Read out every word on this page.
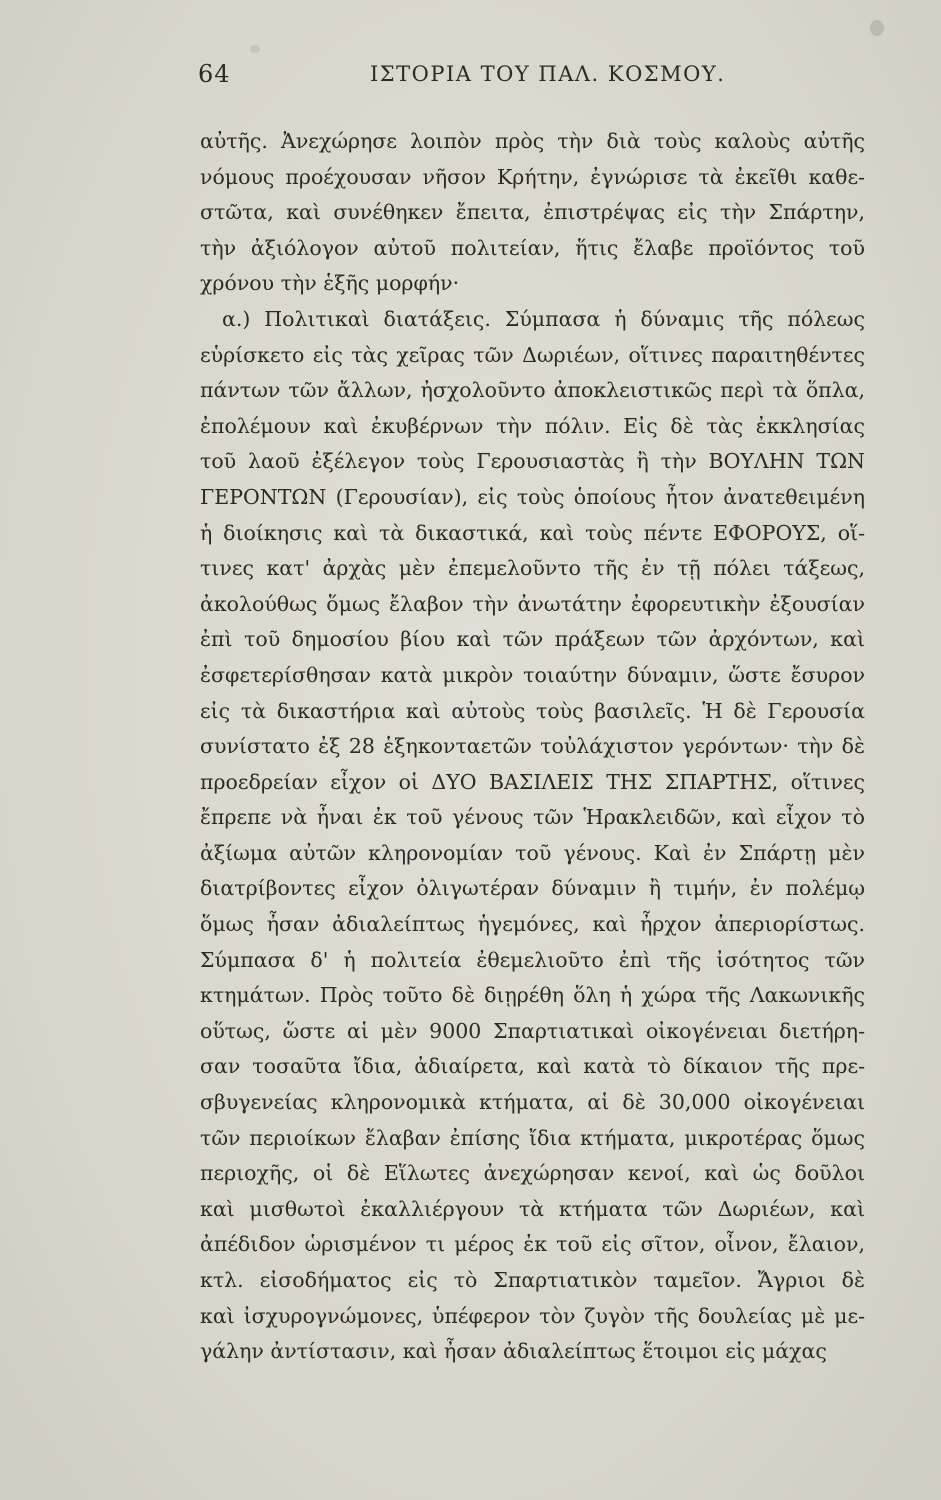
64	ΙΣΤΟΡΙΑ ΤΟΥ ΠΑΛ. ΚΟΣΜΟΥ.
αὐτῆς. Ἀνεχώρησε λοιπὸν πρὸς τὴν διὰ τοὺς καλοὺς αὐτῆς
νόμους προέχουσαν νῆσον Κρήτην, ἐγνώρισε τὰ ἐκεῖθι καθε-
στῶτα, καὶ συνέθηκεν ἔπειτα, ἐπιστρέψας εἰς τὴν Σπάρτην,
τὴν ἀξιόλογον αὐτοῦ πολιτείαν, ἥτις ἔλαβε προϊόντος τοῦ
χρόνου τὴν ἑξῆς μορφήν·
α.) Πολιτικαὶ διατάξεις. Σύμπασα ἡ δύναμις τῆς πόλεως
εὑρίσκετο εἰς τὰς χεῖρας τῶν Δωριέων, οἵτινες παραιτηθέντες
πάντων τῶν ἄλλων, ἠσχολοῦντο ἀποκλειστικῶς περὶ τὰ ὅπλα,
ἐπολέμουν καὶ ἐκυβέρνων τὴν πόλιν. Εἰς δὲ τὰς ἐκκλησίας
τοῦ λαοῦ ἐξέλεγον τοὺς Γερουσιαστὰς ἢ τὴν ΒΟΥΛΗΝ ΤΩΝ
ΓΕΡΟΝΤΩΝ (Γερουσίαν), εἰς τοὺς ὁποίους ἦτον ἀνατεθειμένη
ἡ διοίκησις καὶ τὰ δικαστικά, καὶ τοὺς πέντε ΕΦΟΡΟΥΣ, οἵ-
τινες κατ' ἀρχὰς μὲν ἐπεμελοῦντο τῆς ἐν τῇ πόλει τάξεως,
ἀκολούθως ὅμως ἔλαβον τὴν ἀνωτάτην ἐφορευτικὴν ἐξουσίαν
ἐπὶ τοῦ δημοσίου βίου καὶ τῶν πράξεων τῶν ἀρχόντων, καὶ
ἐσφετερίσθησαν κατὰ μικρὸν τοιαύτην δύναμιν, ὥστε ἔσυρον
εἰς τὰ δικαστήρια καὶ αὐτοὺς τοὺς βασιλεῖς. Ἡ δὲ Γερουσία
συνίστατο ἐξ 28 ἑξηκονταετῶν τοὐλάχιστον γερόντων· τὴν δὲ
προεδρείαν εἶχον οἱ ΔΥΟ ΒΑΣΙΛΕΙΣ ΤΗΣ ΣΠΑΡΤΗΣ, οἵτινες
ἔπρεπε νὰ ἦναι ἐκ τοῦ γένους τῶν Ἡρακλειδῶν, καὶ εἶχον τὸ
ἀξίωμα αὐτῶν κληρονομίαν τοῦ γένους. Καὶ ἐν Σπάρτῃ μὲν
διατρίβοντες εἶχον ὀλιγωτέραν δύναμιν ἢ τιμήν, ἐν πολέμῳ
ὅμως ἦσαν ἀδιαλείπτως ἡγεμόνες, καὶ ἦρχον ἀπεριορίστως.
Σύμπασα δ' ἡ πολιτεία ἐθεμελιοῦτο ἐπὶ τῆς ἰσότητος τῶν
κτημάτων. Πρὸς τοῦτο δὲ διῃρέθη ὅλη ἡ χώρα τῆς Λακωνικῆς
οὕτως, ὥστε αἱ μὲν 9000 Σπαρτιατικαὶ οἰκογένειαι διετήρη-
σαν τοσαῦτα ἴδια, ἀδιαίρετα, καὶ κατὰ τὸ δίκαιον τῆς πρε-
σβυγενείας κληρονομικὰ κτήματα, αἱ δὲ 30,000 οἰκογένειαι
τῶν περιοίκων ἔλαβαν ἐπίσης ἴδια κτήματα, μικροτέρας ὅμως
περιοχῆς, οἱ δὲ Εἵλωτες ἀνεχώρησαν κενοί, καὶ ὡς δοῦλοι
καὶ μισθωτοὶ ἐκαλλιέργουν τὰ κτήματα τῶν Δωριέων, καὶ
ἀπέδιδον ὡρισμένον τι μέρος ἐκ τοῦ εἰς σῖτον, οἶνον, ἔλαιον,
κτλ. εἰσοδήματος εἰς τὸ Σπαρτιατικὸν ταμεῖον. Ἄγριοι δὲ
καὶ ἰσχυρογνώμονες, ὑπέφερον τὸν ζυγὸν τῆς δουλείας μὲ με-
γάλην ἀντίστασιν, καὶ ἦσαν ἀδιαλείπτως ἕτοιμοι εἰς μάχας
